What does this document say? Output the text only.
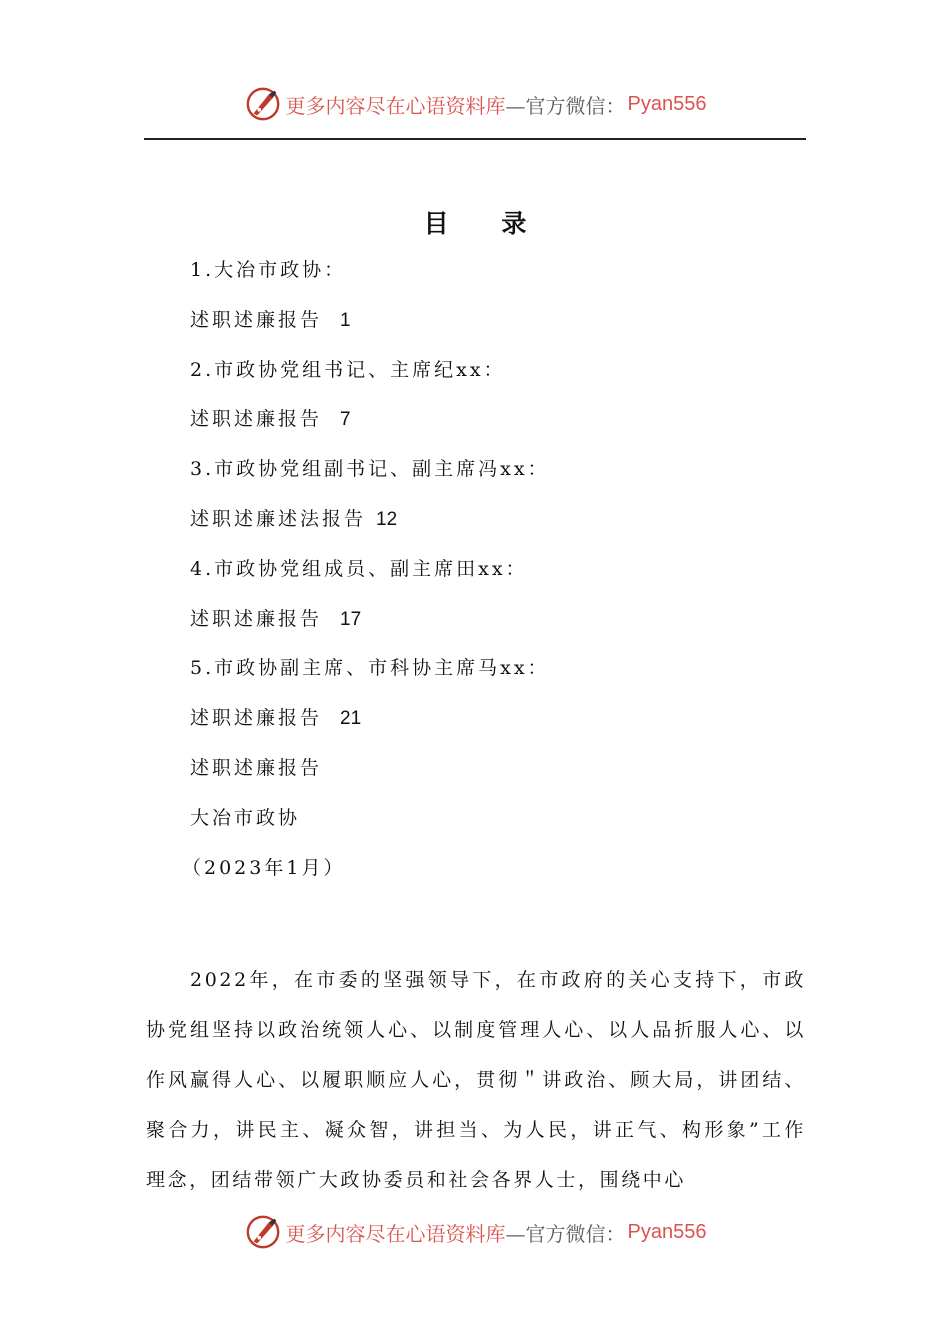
更多内容尽在心语资料库 —官方微信： Pyan556
目 录
1.大冶市政协：
述职述廉报告 1
2.市政协党组书记、主席纪xx：
述职述廉报告 7
3.市政协党组副书记、副主席冯xx：
述职述廉述法报告 12
4.市政协党组成员、副主席田xx：
述职述廉报告 17
5.市政协副主席、市科协主席马xx：
述职述廉报告 21
述职述廉报告
大冶市政协
（2023年1月）
2022年，在市委的坚强领导下，在市政府的关心支持下，市政协党组坚持以政治统领人心、以制度管理人心、以人品折服人心、以作风赢得人心、以履职顺应人心，贯彻＂讲政治、顾大局，讲团结、聚合力，讲民主、凝众智，讲担当、为人民，讲正气、构形象”工作理念，团结带领广大政协委员和社会各界人士，围绕中心
更多内容尽在心语资料库 —官方微信： Pyan556
